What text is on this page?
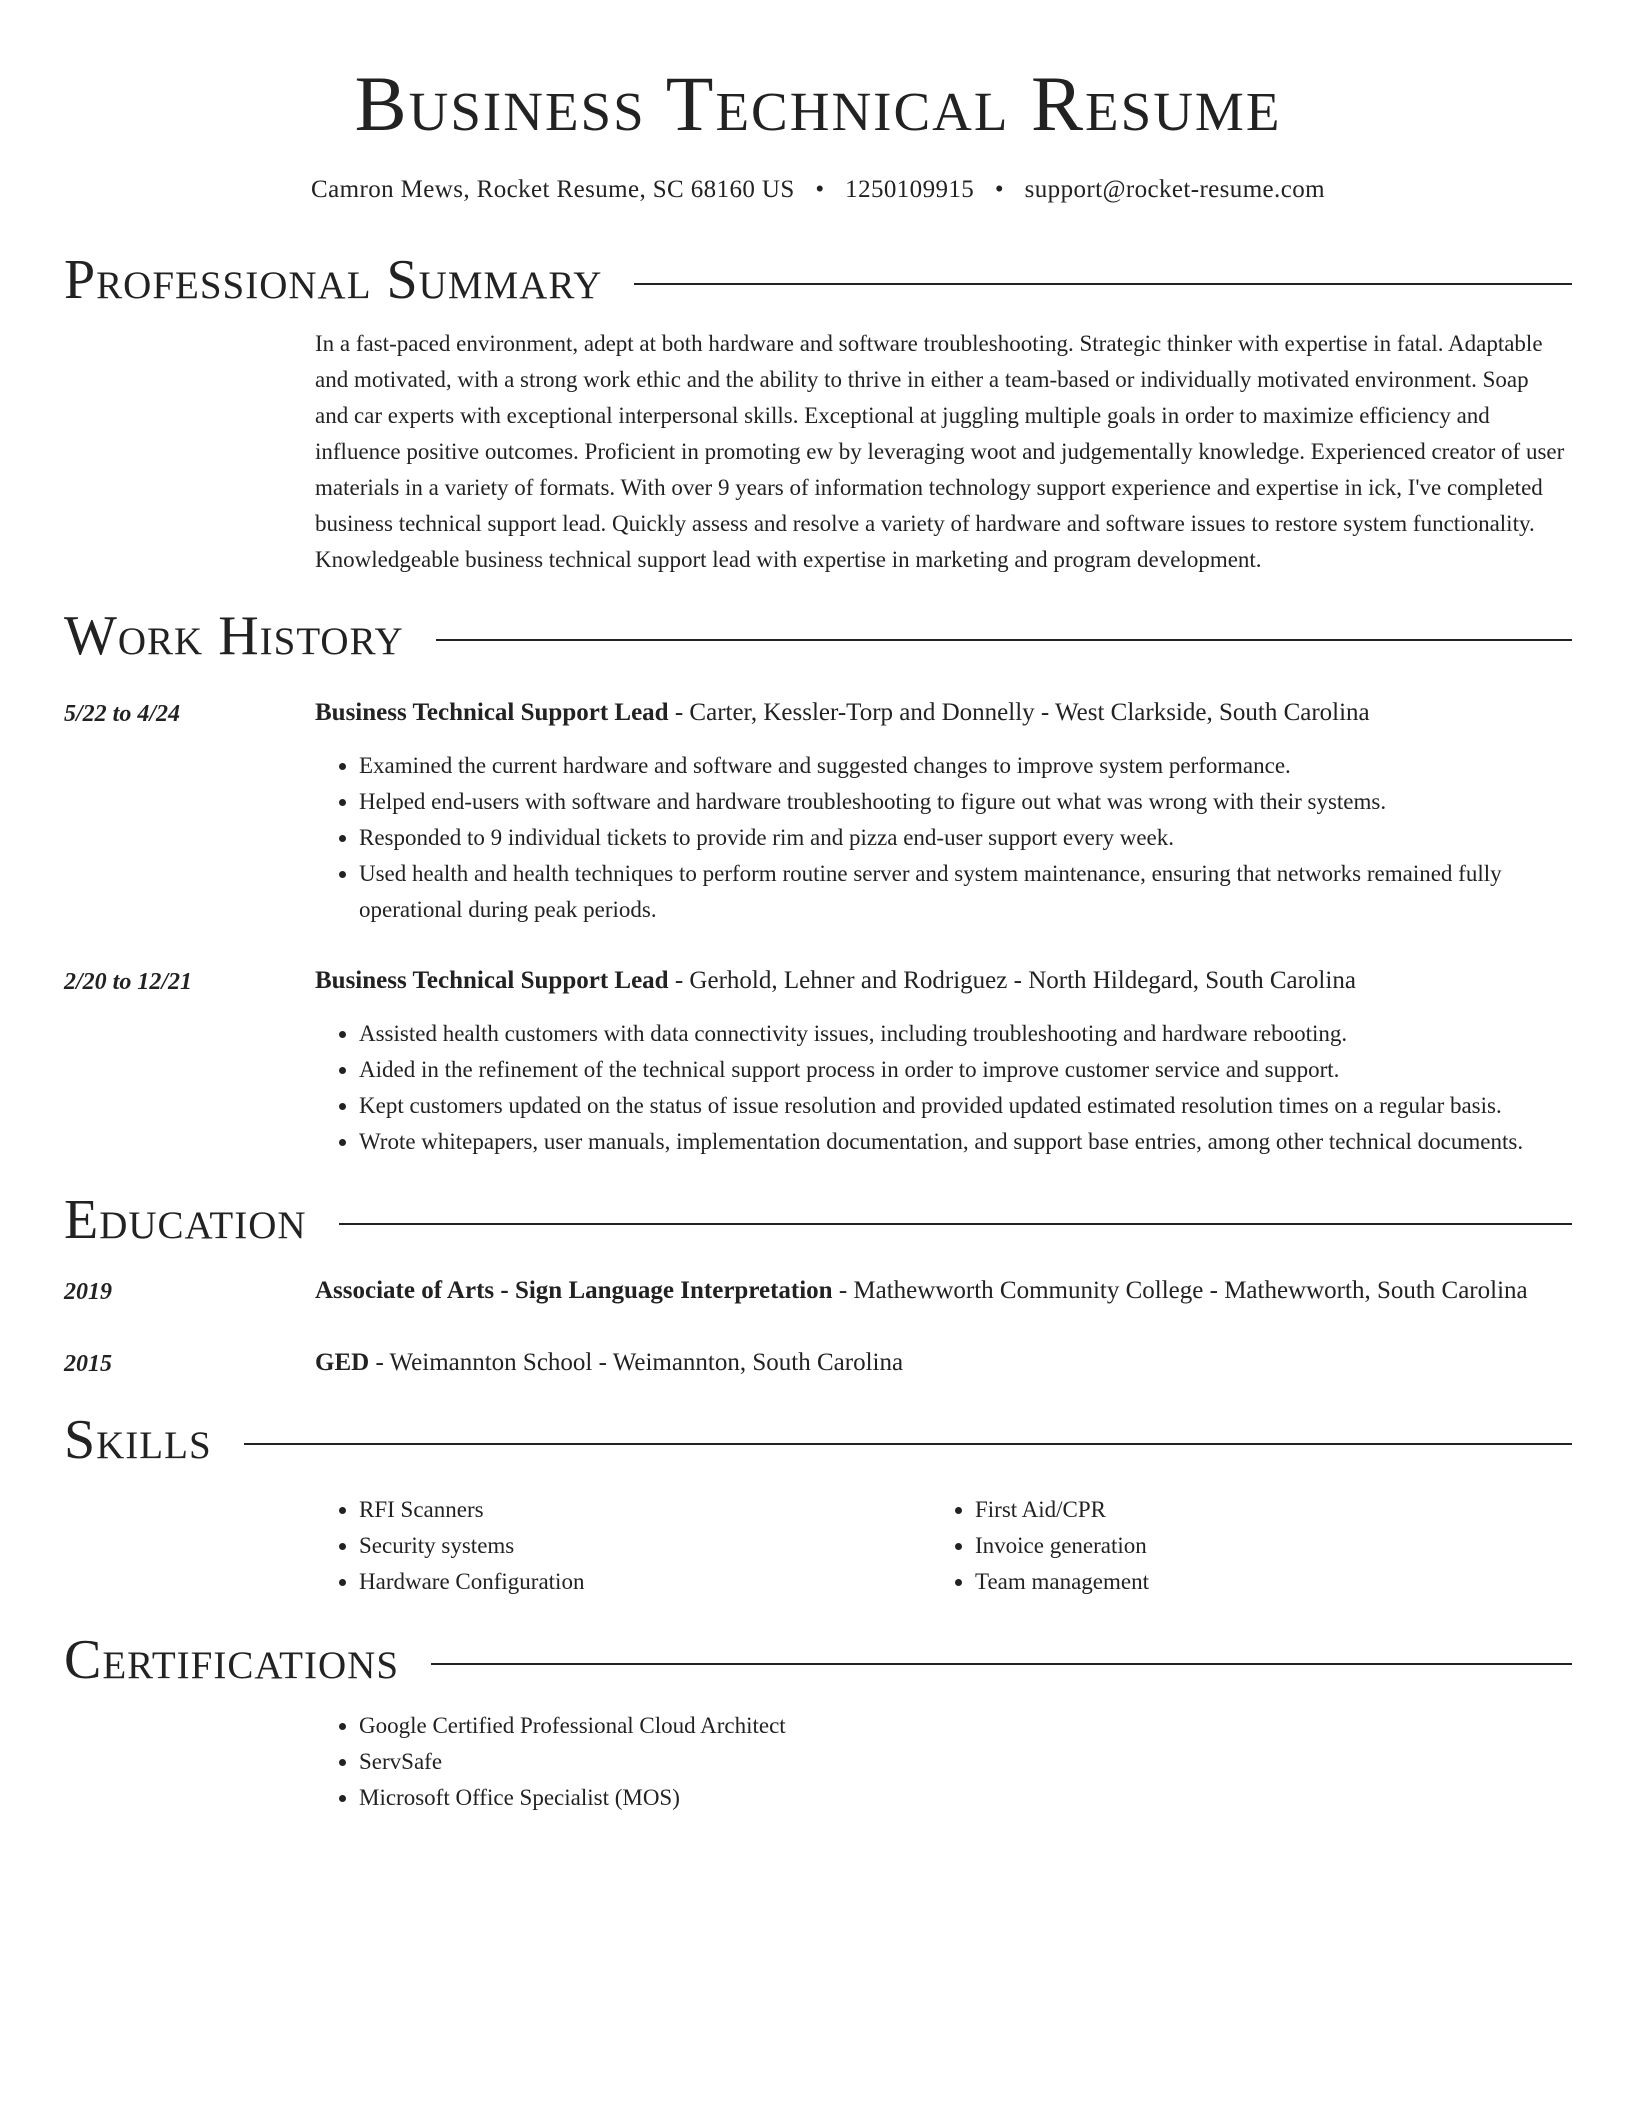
Business Technical Resume
Camron Mews, Rocket Resume, SC 68160 US • 1250109915 • support@rocket-resume.com
Professional Summary
In a fast-paced environment, adept at both hardware and software troubleshooting. Strategic thinker with expertise in fatal. Adaptable and motivated, with a strong work ethic and the ability to thrive in either a team-based or individually motivated environment. Soap and car experts with exceptional interpersonal skills. Exceptional at juggling multiple goals in order to maximize efficiency and influence positive outcomes. Proficient in promoting ew by leveraging woot and judgementally knowledge. Experienced creator of user materials in a variety of formats. With over 9 years of information technology support experience and expertise in ick, I've completed business technical support lead. Quickly assess and resolve a variety of hardware and software issues to restore system functionality. Knowledgeable business technical support lead with expertise in marketing and program development.
Work History
5/22 to 4/24	Business Technical Support Lead - Carter, Kessler-Torp and Donnelly - West Clarkside, South Carolina
• Examined the current hardware and software and suggested changes to improve system performance.
• Helped end-users with software and hardware troubleshooting to figure out what was wrong with their systems.
• Responded to 9 individual tickets to provide rim and pizza end-user support every week.
• Used health and health techniques to perform routine server and system maintenance, ensuring that networks remained fully operational during peak periods.
2/20 to 12/21	Business Technical Support Lead - Gerhold, Lehner and Rodriguez - North Hildegard, South Carolina
• Assisted health customers with data connectivity issues, including troubleshooting and hardware rebooting.
• Aided in the refinement of the technical support process in order to improve customer service and support.
• Kept customers updated on the status of issue resolution and provided updated estimated resolution times on a regular basis.
• Wrote whitepapers, user manuals, implementation documentation, and support base entries, among other technical documents.
Education
2019	Associate of Arts - Sign Language Interpretation - Mathewworth Community College - Mathewworth, South Carolina
2015	GED - Weimannton School - Weimannton, South Carolina
Skills
• RFI Scanners
• Security systems
• Hardware Configuration
• First Aid/CPR
• Invoice generation
• Team management
Certifications
• Google Certified Professional Cloud Architect
• ServSafe
• Microsoft Office Specialist (MOS)
